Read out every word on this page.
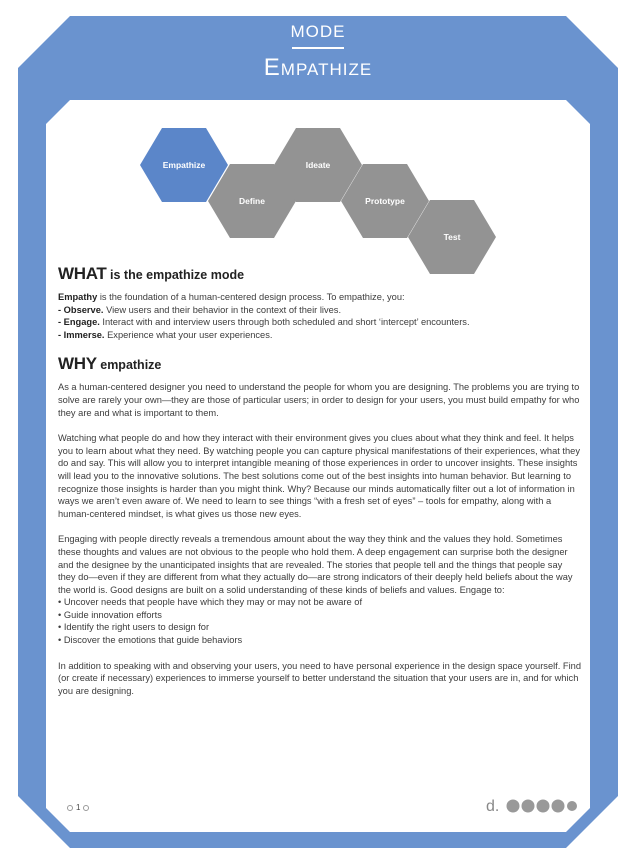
Empathize
Define
Ideate
Prototype
Test
MODE
Empathize
WHAT is the empathize mode

Empathy is the foundation of a human-centered design process. To empathize, you:
- Observe. View users and their behavior in the context of their lives.
- Engage. Interact with and interview users through both scheduled and short ‘intercept’ encounters.
- Immerse. Experience what your user experiences.

WHY empathize

As a human-centered designer you need to understand the people for whom you are designing. The problems you are trying to solve are rarely your own—they are those of particular users; in order to design for your users, you must build empathy for who they are and what is important to them.

Watching what people do and how they interact with their environment gives you clues about what they think and feel. It helps you to learn about what they need. By watching people you can capture physical manifestations of their experiences, what they do and say. This will allow you to interpret intangible meaning of those experiences in order to uncover insights. These insights will lead you to the innovative solutions. The best solutions come out of the best insights into human behavior. But learning to recognize those insights is harder than you might think. Why? Because our minds automatically filter out a lot of information in ways we aren’t even aware of. We need to learn to see things “with a fresh set of eyes” – tools for empathy, along with a human-centered mindset, is what gives us those new eyes.

Engaging with people directly reveals a tremendous amount about the way they think and the values they hold. Sometimes these thoughts and values are not obvious to the people who hold them. A deep engagement can surprise both the designer and the designee by the unanticipated insights that are revealed. The stories that people tell and the things that people say they do—even if they are different from what they actually do—are strong indicators of their deeply held beliefs about the way the world is. Good designs are built on a solid understanding of these kinds of beliefs and values. Engage to:

• Uncover needs that people have which they may or may not be aware of
• Guide innovation efforts
• Identify the right users to design for
• Discover the emotions that guide behaviors

In addition to speaking with and observing your users, you need to have personal experience in the design space yourself. Find (or create if necessary) experiences to immerse yourself to better understand the situation that your users are in, and for which you are designing.

1	d.
